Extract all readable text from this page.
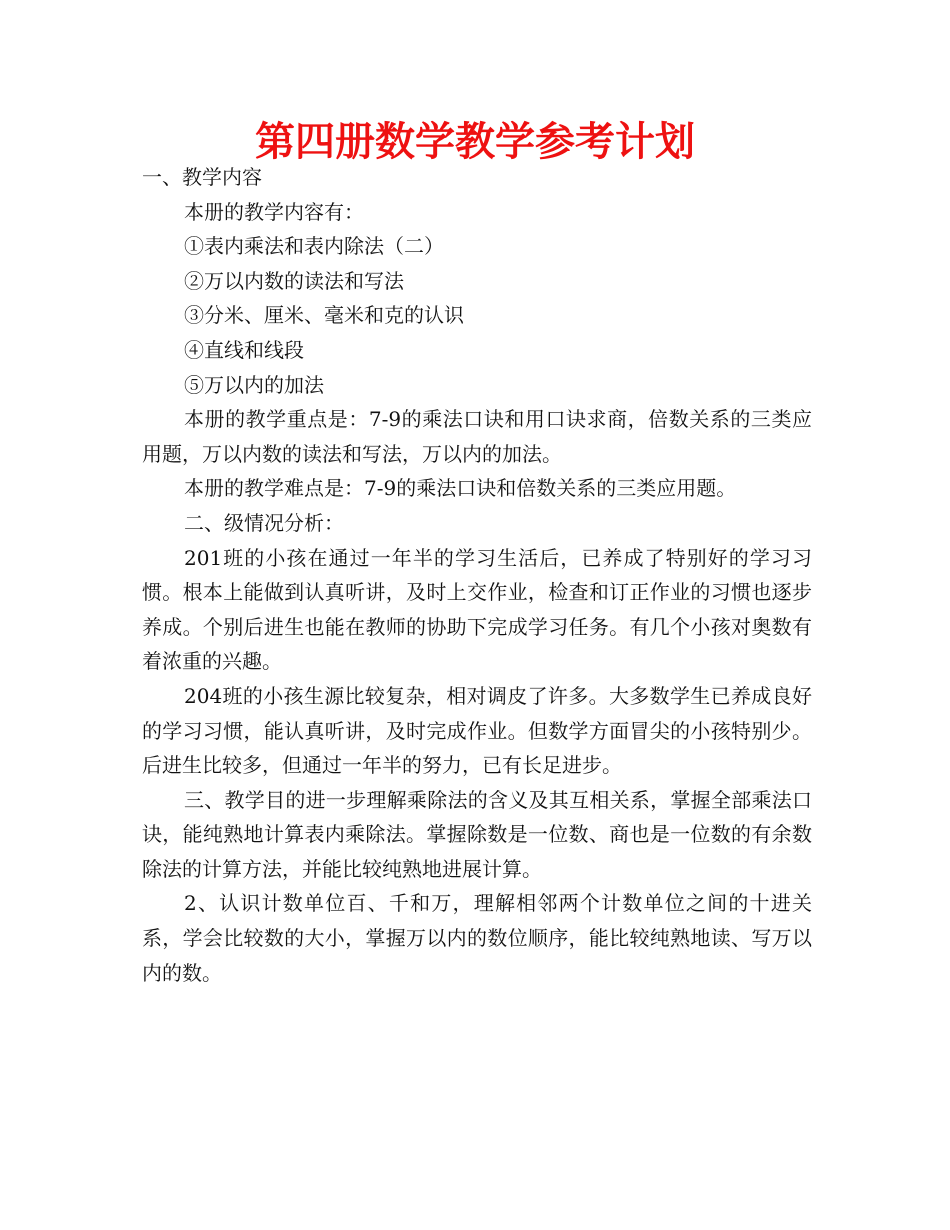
第四册数学教学参考计划

一、教学内容

本册的教学内容有：

①表内乘法和表内除法（二）

②万以内数的读法和写法

③分米、厘米、毫米和克的认识

④直线和线段

⑤万以内的加法

本册的教学重点是：7-9的乘法口诀和用口诀求商，倍数关系的三类应用题，万以内数的读法和写法，万以内的加法。

本册的教学难点是：7-9的乘法口诀和倍数关系的三类应用题。

二、级情况分析：

201班的小孩在通过一年半的学习生活后，已养成了特别好的学习习惯。根本上能做到认真听讲，及时上交作业，检查和订正作业的习惯也逐步养成。个别后进生也能在教师的协助下完成学习任务。有几个小孩对奥数有着浓重的兴趣。

204班的小孩生源比较复杂，相对调皮了许多。大多数学生已养成良好的学习习惯，能认真听讲，及时完成作业。但数学方面冒尖的小孩特别少。后进生比较多，但通过一年半的努力，已有长足进步。

三、教学目的进一步理解乘除法的含义及其互相关系，掌握全部乘法口诀，能纯熟地计算表内乘除法。掌握除数是一位数、商也是一位数的有余数除法的计算方法，并能比较纯熟地进展计算。

2、认识计数单位百、千和万，理解相邻两个计数单位之间的十进关系，学会比较数的大小，掌握万以内的数位顺序，能比较纯熟地读、写万以内的数。
